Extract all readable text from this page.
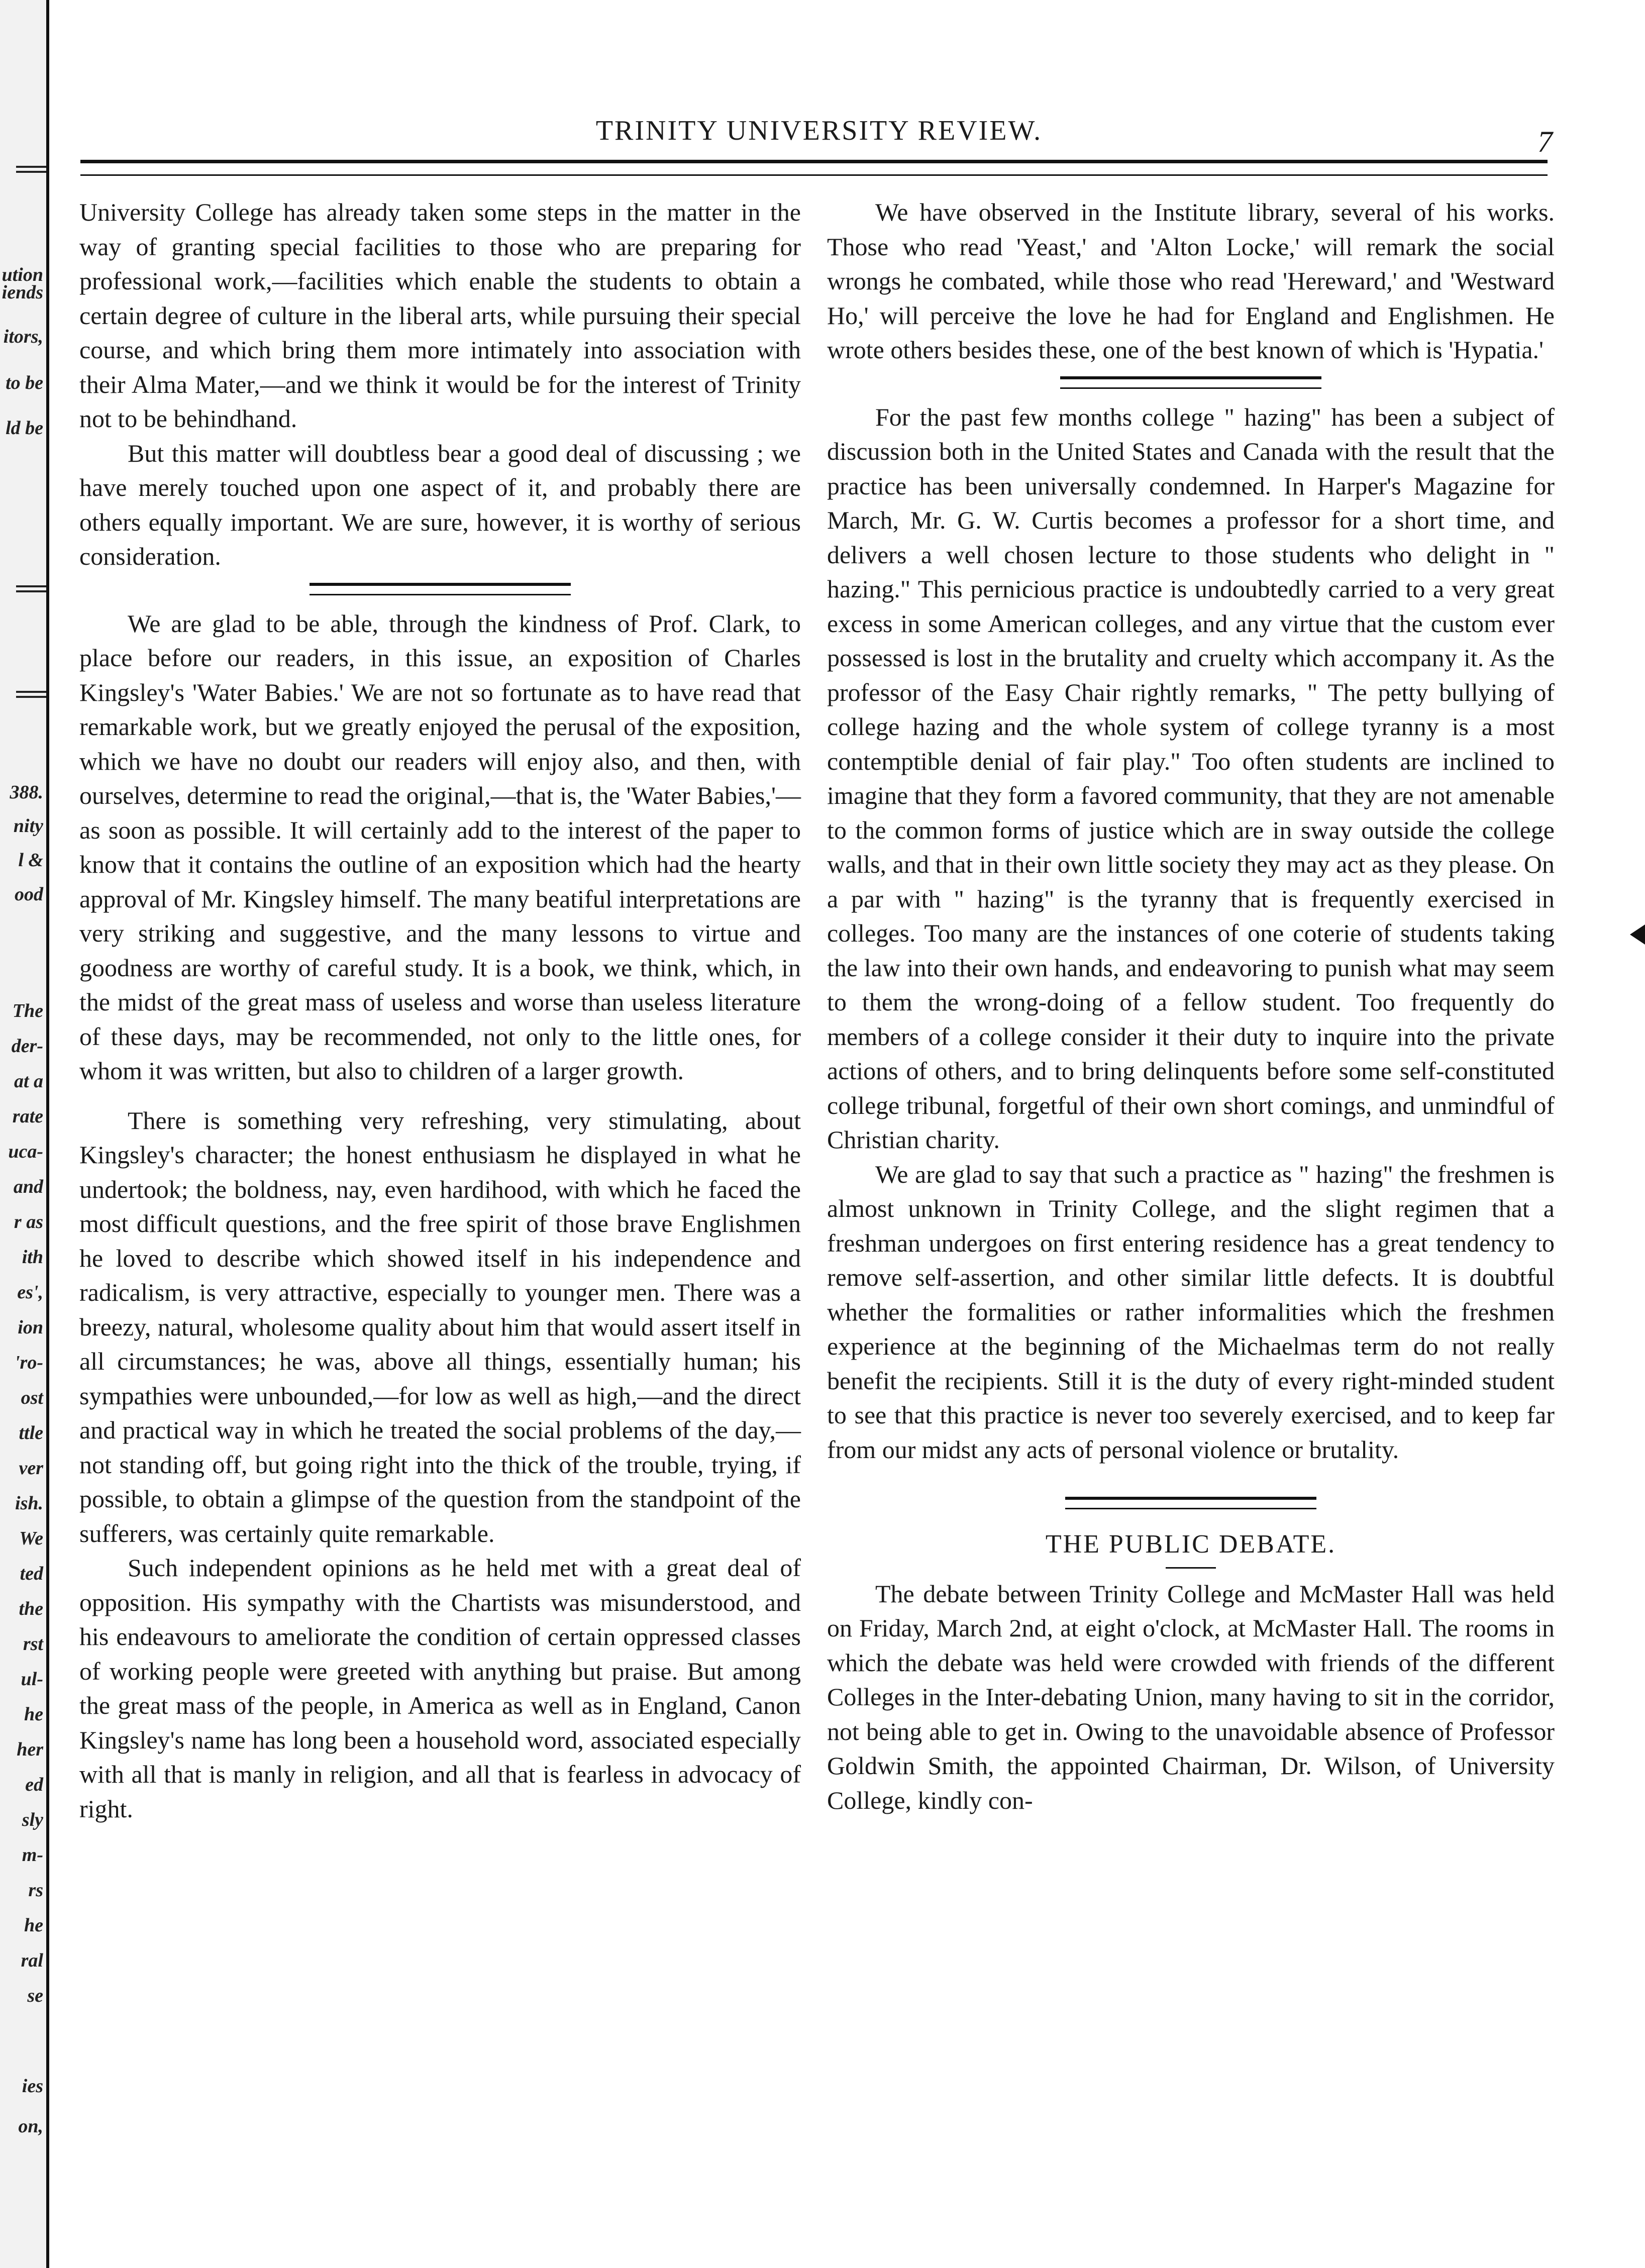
ution
iends
itors,
to be
ld be
388.
nity
l &
ood
The
der-
at a
rate
uca-
and
r as
ith
es',
ion
'ro-
ost
ttle
ver
ish.
We
ted
the
rst
ul-
he
her
ed
sly
m-
rs
he
ral
se
ies
on,
TRINITY UNIVERSITY REVIEW.	7

University College has already taken some steps in the matter in the way of granting special facilities to those who are preparing for professional work,—facilities which enable the students to obtain a certain degree of culture in the liberal arts, while pursuing their special course, and which bring them more intimately into association with their Alma Mater,—and we think it would be for the interest of Trinity not to be behindhand.

But this matter will doubtless bear a good deal of discussing ; we have merely touched upon one aspect of it, and probably there are others equally important. We are sure, however, it is worthy of serious consideration.

We are glad to be able, through the kindness of Prof. Clark, to place before our readers, in this issue, an exposition of Charles Kingsley's 'Water Babies.' We are not so fortunate as to have read that remarkable work, but we greatly enjoyed the perusal of the exposition, which we have no doubt our readers will enjoy also, and then, with ourselves, determine to read the original,—that is, the 'Water Babies,'—as soon as possible. It will certainly add to the interest of the paper to know that it contains the outline of an exposition which had the hearty approval of Mr. Kingsley himself. The many beatiful interpretations are very striking and suggestive, and the many lessons to virtue and goodness are worthy of careful study. It is a book, we think, which, in the midst of the great mass of useless and worse than useless literature of these days, may be recommended, not only to the little ones, for whom it was written, but also to children of a larger growth.

There is something very refreshing, very stimulating, about Kingsley's character; the honest enthusiasm he displayed in what he undertook; the boldness, nay, even hardihood, with which he faced the most difficult questions, and the free spirit of those brave Englishmen he loved to describe which showed itself in his independence and radicalism, is very attractive, especially to younger men. There was a breezy, natural, wholesome quality about him that would assert itself in all circumstances; he was, above all things, essentially human; his sympathies were unbounded,—for low as well as high,—and the direct and practical way in which he treated the social problems of the day,—not standing off, but going right into the thick of the trouble, trying, if possible, to obtain a glimpse of the question from the standpoint of the sufferers, was certainly quite remarkable.

Such independent opinions as he held met with a great deal of opposition. His sympathy with the Chartists was misunderstood, and his endeavours to ameliorate the condition of certain oppressed classes of working people were greeted with anything but praise. But among the great mass of the people, in America as well as in England, Canon Kingsley's name has long been a household word, associated especially with all that is manly in religion, and all that is fearless in advocacy of right.

We have observed in the Institute library, several of his works. Those who read 'Yeast,' and 'Alton Locke,' will remark the social wrongs he combated, while those who read 'Hereward,' and 'Westward Ho,' will perceive the love he had for England and Englishmen. He wrote others besides these, one of the best known of which is 'Hypatia.'

For the past few months college " hazing" has been a subject of discussion both in the United States and Canada with the result that the practice has been universally condemned. In Harper's Magazine for March, Mr. G. W. Curtis becomes a professor for a short time, and delivers a well chosen lecture to those students who delight in " hazing." This pernicious practice is undoubtedly carried to a very great excess in some American colleges, and any virtue that the custom ever possessed is lost in the brutality and cruelty which accompany it. As the professor of the Easy Chair rightly remarks, " The petty bullying of college hazing and the whole system of college tyranny is a most contemptible denial of fair play." Too often students are inclined to imagine that they form a favored community, that they are not amenable to the common forms of justice which are in sway outside the college walls, and that in their own little society they may act as they please. On a par with " hazing" is the tyranny that is frequently exercised in colleges. Too many are the instances of one coterie of students taking the law into their own hands, and endeavoring to punish what may seem to them the wrong-doing of a fellow student. Too frequently do members of a college consider it their duty to inquire into the private actions of others, and to bring delinquents before some self-constituted college tribunal, forgetful of their own short comings, and unmindful of Christian charity.

We are glad to say that such a practice as " hazing" the freshmen is almost unknown in Trinity College, and the slight regimen that a freshman undergoes on first entering residence has a great tendency to remove self-assertion, and other similar little defects. It is doubtful whether the formalities or rather informalities which the freshmen experience at the beginning of the Michaelmas term do not really benefit the recipients. Still it is the duty of every right-minded student to see that this practice is never too severely exercised, and to keep far from our midst any acts of personal violence or brutality.

THE PUBLIC DEBATE.

The debate between Trinity College and McMaster Hall was held on Friday, March 2nd, at eight o'clock, at McMaster Hall. The rooms in which the debate was held were crowded with friends of the different Colleges in the Inter-debating Union, many having to sit in the corridor, not being able to get in. Owing to the unavoidable absence of Professor Goldwin Smith, the appointed Chairman, Dr. Wilson, of University College, kindly con-
